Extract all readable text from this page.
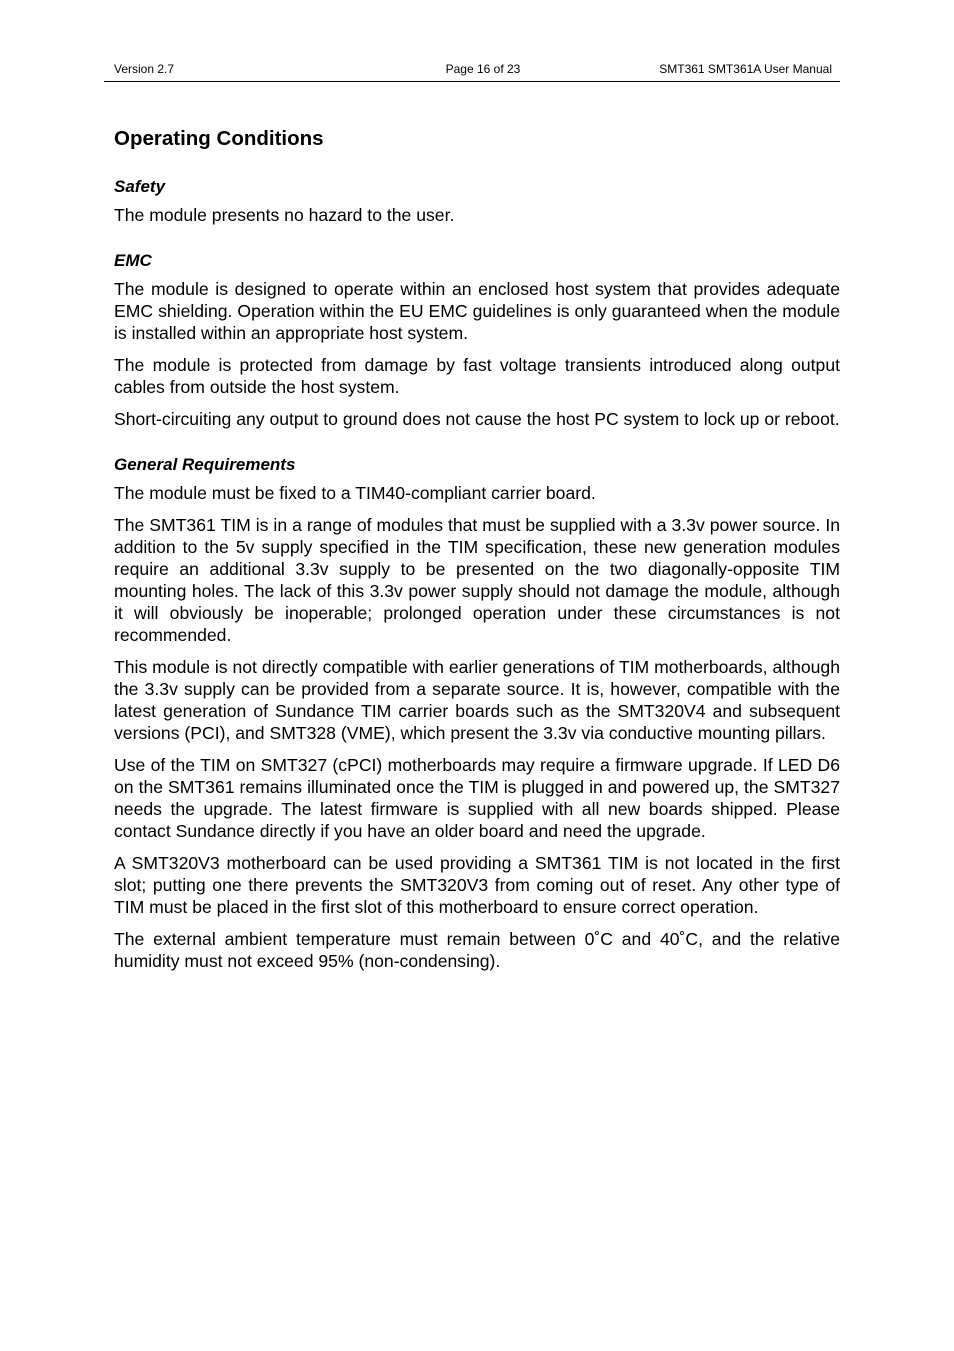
Version 2.7	Page 16 of 23	SMT361 SMT361A User Manual
Operating Conditions
Safety
The module presents no hazard to the user.
EMC
The module is designed to operate within an enclosed host system that provides adequate EMC shielding. Operation within the EU EMC guidelines is only guaranteed when the module is installed within an appropriate host system.
The module is protected from damage by fast voltage transients introduced along output cables from outside the host system.
Short-circuiting any output to ground does not cause the host PC system to lock up or reboot.
General Requirements
The module must be fixed to a TIM40-compliant carrier board.
The SMT361 TIM is in a range of modules that must be supplied with a 3.3v power source. In addition to the 5v supply specified in the TIM specification, these new generation modules require an additional 3.3v supply to be presented on the two diagonally-opposite TIM mounting holes. The lack of this 3.3v power supply should not damage the module, although it will obviously be inoperable; prolonged operation under these circumstances is not recommended.
This module is not directly compatible with earlier generations of TIM motherboards, although the 3.3v supply can be provided from a separate source. It is, however, compatible with the latest generation of Sundance TIM carrier boards such as the SMT320V4 and subsequent versions (PCI), and SMT328 (VME), which present the 3.3v via conductive mounting pillars.
Use of the TIM on SMT327 (cPCI) motherboards may require a firmware upgrade. If LED D6 on the SMT361 remains illuminated once the TIM is plugged in and powered up, the SMT327 needs the upgrade. The latest firmware is supplied with all new boards shipped. Please contact Sundance directly if you have an older board and need the upgrade.
A SMT320V3 motherboard can be used providing a SMT361 TIM is not located in the first slot; putting one there prevents the SMT320V3 from coming out of reset. Any other type of TIM must be placed in the first slot of this motherboard to ensure correct operation.
The external ambient temperature must remain between 0˚C and 40˚C, and the relative humidity must not exceed 95% (non-condensing).
